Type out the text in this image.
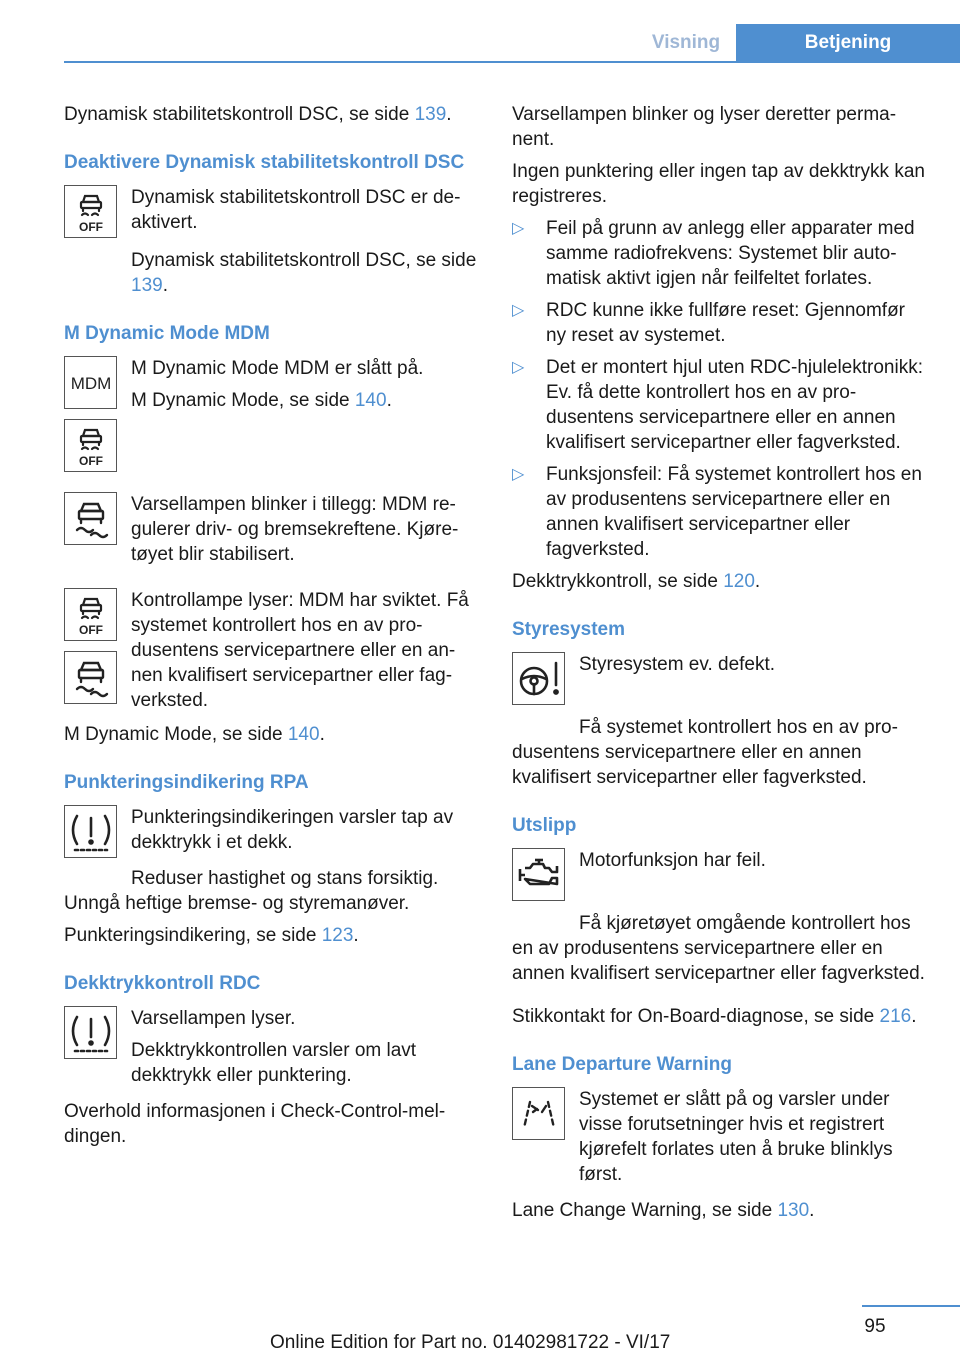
Visning	Betjening

Dynamisk stabilitetskontroll DSC, se side 139.

Deaktivere Dynamisk stabilitetskontroll DSC
OFF

Dynamisk stabilitetskontroll DSC er deaktivert.

Dynamisk stabilitetskontroll DSC, se side 139.

M Dynamic Mode MDM
MDM
OFF

M Dynamic Mode MDM er slått på.

M Dynamic Mode, se side 140.

Varsellampen blinker i tillegg: MDM regulerer driv- og bremsekreftene. Kjøretøyet blir stabilisert.

OFF

Kontrollampe lyser: MDM har sviktet. Få systemet kontrollert hos en av produsentens servicepartnere eller en annen kvalifisert servicepartner eller fagverksted.

M Dynamic Mode, se side 140.

Punkteringsindikering RPA

Punkteringsindikeringen varsler tap av dekktrykk i et dekk.

Reduser hastighet og stans forsiktig. Unngå heftige bremse- og styremanøver.

Punkteringsindikering, se side 123.

Dekktrykkontroll RDC

Varsellampen lyser.

Dekktrykkontrollen varsler om lavt dekktrykk eller punktering.

Overhold informasjonen i Check-Control-meldingen.

Varsellampen blinker og lyser deretter permanent.

Ingen punktering eller ingen tap av dekktrykk kan registreres.

▷ Feil på grunn av anlegg eller apparater med samme radiofrekvens: Systemet blir automatisk aktivt igjen når feilfeltet forlates.
▷ RDC kunne ikke fullføre reset: Gjennomfør ny reset av systemet.
▷ Det er montert hjul uten RDC-hjulelektronikk: Ev. få dette kontrollert hos en av produsentens servicepartnere eller en annen kvalifisert servicepartner eller fagverksted.
▷ Funksjonsfeil: Få systemet kontrollert hos en av produsentens servicepartnere eller en annen kvalifisert servicepartner eller fagverksted.

Dekktrykkontroll, se side 120.

Styresystem

Styresystem ev. defekt.

Få systemet kontrollert hos en av produsentens servicepartnere eller en annen kvalifisert servicepartner eller fagverksted.

Utslipp

Motorfunksjon har feil.

Få kjøretøyet omgående kontrollert hos en av produsentens servicepartnere eller en annen kvalifisert servicepartner eller fagverksted.

Stikkontakt for On-Board-diagnose, se side 216.

Lane Departure Warning

Systemet er slått på og varsler under visse forutsetninger hvis et registrert kjørefelt forlates uten å bruke blinklys først.

Lane Change Warning, se side 130.

95
Online Edition for Part no. 01402981722 - VI/17
